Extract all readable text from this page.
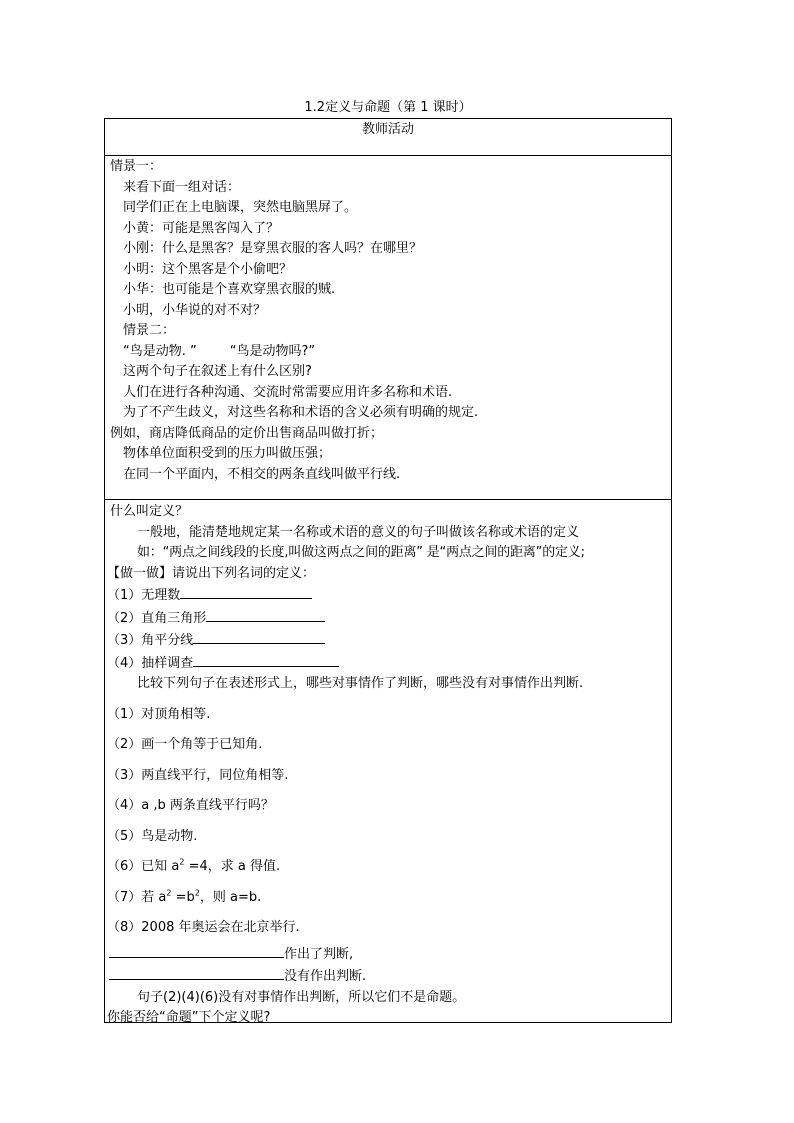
1.2定义与命题（第 1 课时）
教师活动
情景一：
来看下面一组对话：
同学们正在上电脑课，突然电脑黑屏了。
小黄：可能是黑客闯入了？
小刚：什么是黑客？是穿黑衣服的客人吗？在哪里？
小明：这个黑客是个小偷吧？
小华：也可能是个喜欢穿黑衣服的贼.
小明，小华说的对不对？
情景二：
“鸟是动物. ”        “鸟是动物吗?”
这两个句子在叙述上有什么区别?
人们在进行各种沟通、交流时常需要应用许多名称和术语.
为了不产生歧义，对这些名称和术语的含义必须有明确的规定.
例如，商店降低商品的定价出售商品叫做打折；
物体单位面积受到的压力叫做压强；
在同一个平面内，不相交的两条直线叫做平行线.
什么叫定义？
一般地，能清楚地规定某一名称或术语的意义的句子叫做该名称或术语的定义
如：“两点之间线段的长度,叫做这两点之间的距离” 是“两点之间的距离”的定义;
【做一做】请说出下列名词的定义：
（1）无理数
（2）直角三角形
（3）角平分线
（4）抽样调查
比较下列句子在表述形式上，哪些对事情作了判断，哪些没有对事情作出判断.
（1）对顶角相等.
（2）画一个角等于已知角.
（3）两直线平行，同位角相等.
（4）a ,b 两条直线平行吗？
（5）鸟是动物.
（6）已知 $a^2 =4$，求 a 得值.
（7）若 $a^2 =b^2$，则 a=b.
（8）2008 年奥运会在北京举行.
作出了判断,
没有作出判断.
句子(2)(4)(6)没有对事情作出判断，所以它们不是命题。
你能否给“命题”下个定义呢?
